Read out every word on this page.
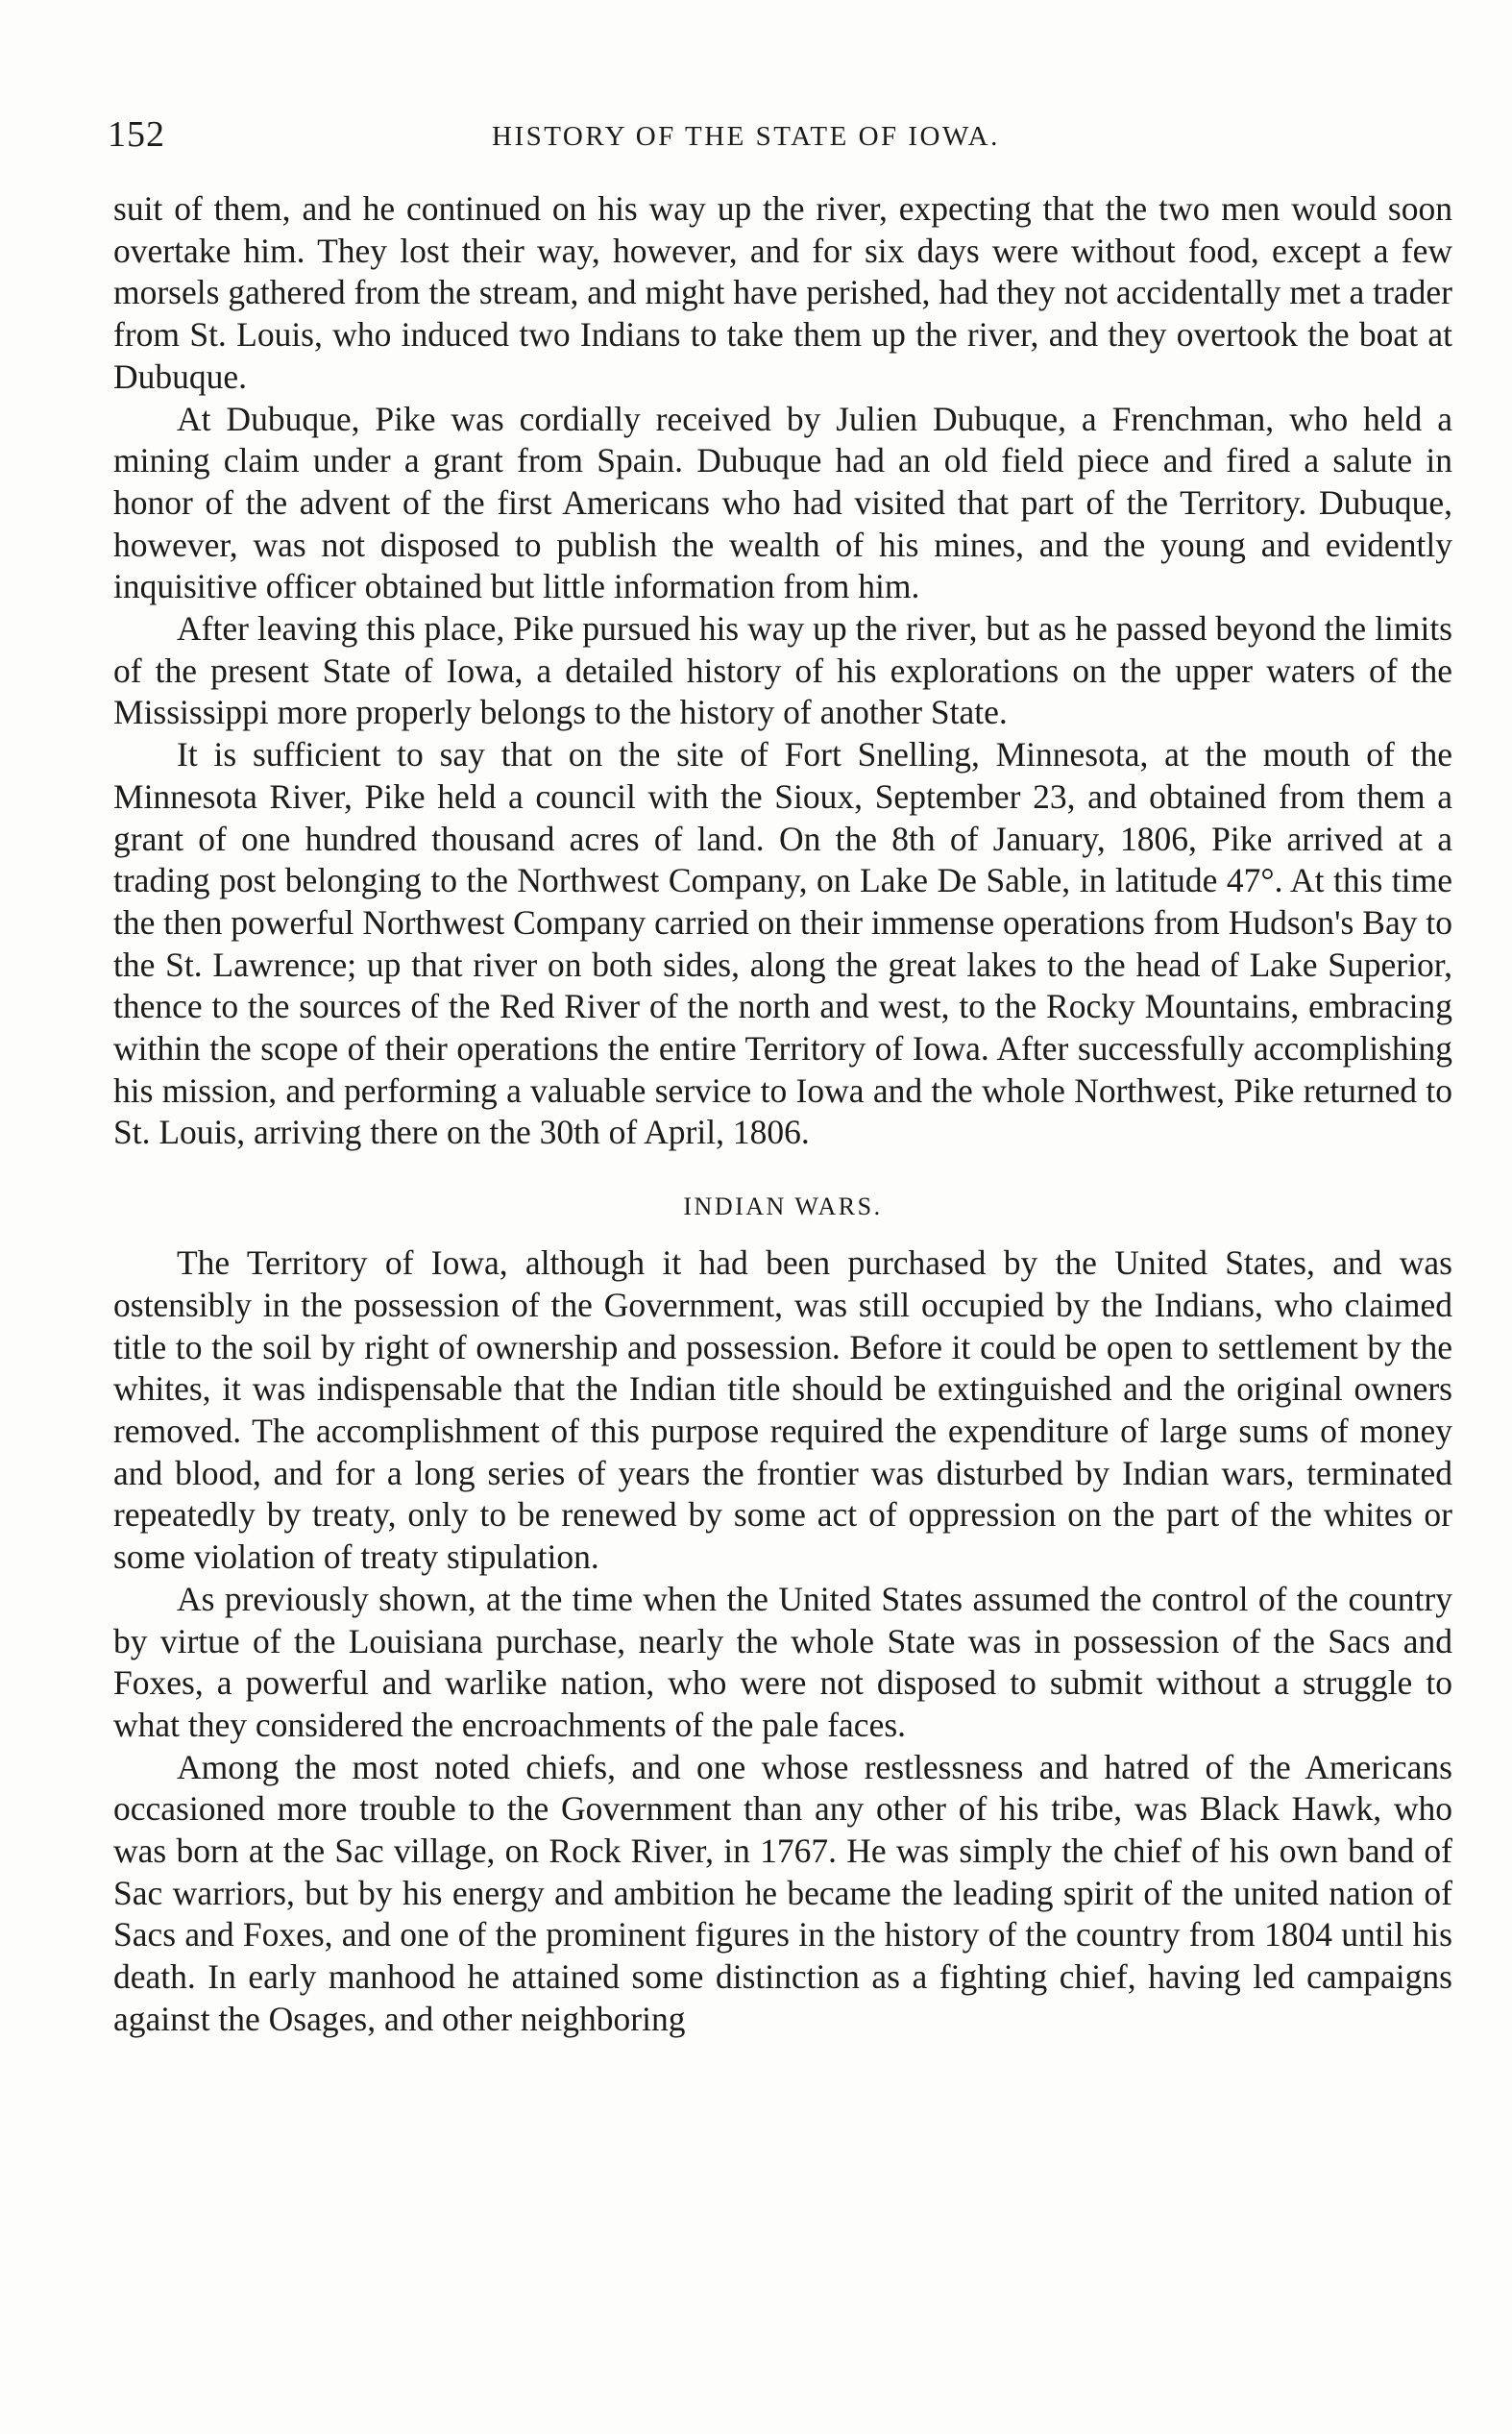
152	HISTORY OF THE STATE OF IOWA.

suit of them, and he continued on his way up the river, expecting that the two men would soon overtake him. They lost their way, however, and for six days were without food, except a few morsels gathered from the stream, and might have perished, had they not accidentally met a trader from St. Louis, who induced two Indians to take them up the river, and they overtook the boat at Dubuque.

At Dubuque, Pike was cordially received by Julien Dubuque, a Frenchman, who held a mining claim under a grant from Spain. Dubuque had an old field piece and fired a salute in honor of the advent of the first Americans who had visited that part of the Territory. Dubuque, however, was not disposed to publish the wealth of his mines, and the young and evidently inquisitive officer obtained but little information from him.

After leaving this place, Pike pursued his way up the river, but as he passed beyond the limits of the present State of Iowa, a detailed history of his explorations on the upper waters of the Mississippi more properly belongs to the history of another State.

It is sufficient to say that on the site of Fort Snelling, Minnesota, at the mouth of the Minnesota River, Pike held a council with the Sioux, September 23, and obtained from them a grant of one hundred thousand acres of land. On the 8th of January, 1806, Pike arrived at a trading post belonging to the Northwest Company, on Lake De Sable, in latitude 47°. At this time the then powerful Northwest Company carried on their immense operations from Hudson's Bay to the St. Lawrence; up that river on both sides, along the great lakes to the head of Lake Superior, thence to the sources of the Red River of the north and west, to the Rocky Mountains, embracing within the scope of their operations the entire Territory of Iowa. After successfully accomplishing his mission, and performing a valuable service to Iowa and the whole Northwest, Pike returned to St. Louis, arriving there on the 30th of April, 1806.

INDIAN WARS.

The Territory of Iowa, although it had been purchased by the United States, and was ostensibly in the possession of the Government, was still occupied by the Indians, who claimed title to the soil by right of ownership and possession. Before it could be open to settlement by the whites, it was indispensable that the Indian title should be extinguished and the original owners removed. The accomplishment of this purpose required the expenditure of large sums of money and blood, and for a long series of years the frontier was disturbed by Indian wars, terminated repeatedly by treaty, only to be renewed by some act of oppression on the part of the whites or some violation of treaty stipulation.

As previously shown, at the time when the United States assumed the control of the country by virtue of the Louisiana purchase, nearly the whole State was in possession of the Sacs and Foxes, a powerful and warlike nation, who were not disposed to submit without a struggle to what they considered the encroachments of the pale faces.

Among the most noted chiefs, and one whose restlessness and hatred of the Americans occasioned more trouble to the Government than any other of his tribe, was Black Hawk, who was born at the Sac village, on Rock River, in 1767. He was simply the chief of his own band of Sac warriors, but by his energy and ambition he became the leading spirit of the united nation of Sacs and Foxes, and one of the prominent figures in the history of the country from 1804 until his death. In early manhood he attained some distinction as a fighting chief, having led campaigns against the Osages, and other neighboring
